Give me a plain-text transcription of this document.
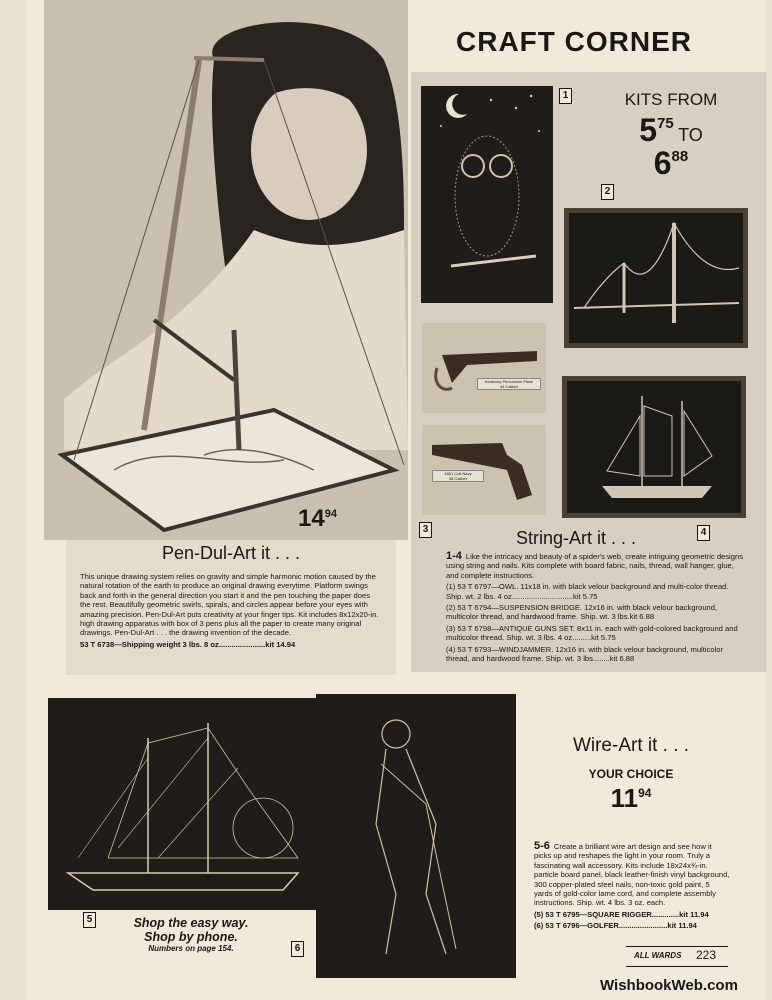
CRAFT CORNER
1	KITS FROM
$5^{75}$ TO
$6^{88}$
2
Kentucky Percussion Pistol
44 Caliber
1851 Colt Navy
36 Caliber
$14^{94}$
Pen-Dul-Art it . . .

This unique drawing system relies on gravity and simple harmonic motion caused by the natural rotation of the earth to produce an original drawing everytime. Platform swings back and forth in the general direction you start it and the pen touching the paper does the rest. Beautifully geometric swirls, spirals, and circles appear before your eyes with amazing precision. Pen-Dul-Art puts creativity at your finger tips. Kit includes 8x12x20-in. high drawing apparatus with box of 3 pens plus all the paper to create many original drawings. Pen-Dul-Art . . . the drawing invention of the decade.

53 T 6738—Shipping weight 3 lbs. 8 oz......................kit 14.94

3	4
String-Art it . . .

1-4 Like the intricacy and beauty of a spider's web, create intriguing geometric designs using string and nails. Kits complete with board fabric, nails, thread, wall hanger, glue, and complete instructions.

(1) 53 T 6797—OWL. 11x18 in. with black velour background and multi-color thread. Ship. wt. 2 lbs. 4 oz.............................kit 5.75

(2) 53 T 6794—SUSPENSION BRIDGE. 12x16 in. with black velour background, multicolor thread, and hardwood frame. Ship. wt. 3 lbs.kit 6.88

(3) 53 T 6798—ANTIQUE GUNS SET. 8x11 in. each with gold-colored background and multicolor thread. Ship. wt. 3 lbs. 4 oz.........kit 5.75

(4) 53 T 6793—WINDJAMMER. 12x16 in. with black velour background, multicolor thread, and hardwood frame. Ship. wt. 3 lbs........kit 6.88

5
6
Shop the easy way.
Shop by phone.
Numbers on page 154.
Wire-Art it . . .
YOUR CHOICE
$11^{94}$

5-6 Create a brilliant wire art design and see how it picks up and reshapes the light in your room. Truly a fascinating wall accessory. Kits include 18x24x¾-in. particle board panel, black leather-finish vinyl background, 300 copper-plated steel nails, non-toxic gold paint, 5 yards of gold-color lame cord, and complete assembly instructions. Ship. wt. 4 lbs. 3 oz. each.

(5) 53 T 6795—SQUARE RIGGER.............kit 11.94

(6) 53 T 6796—GOLFER.......................kit 11.94

ALL WARDS 223
WishbookWeb.com
